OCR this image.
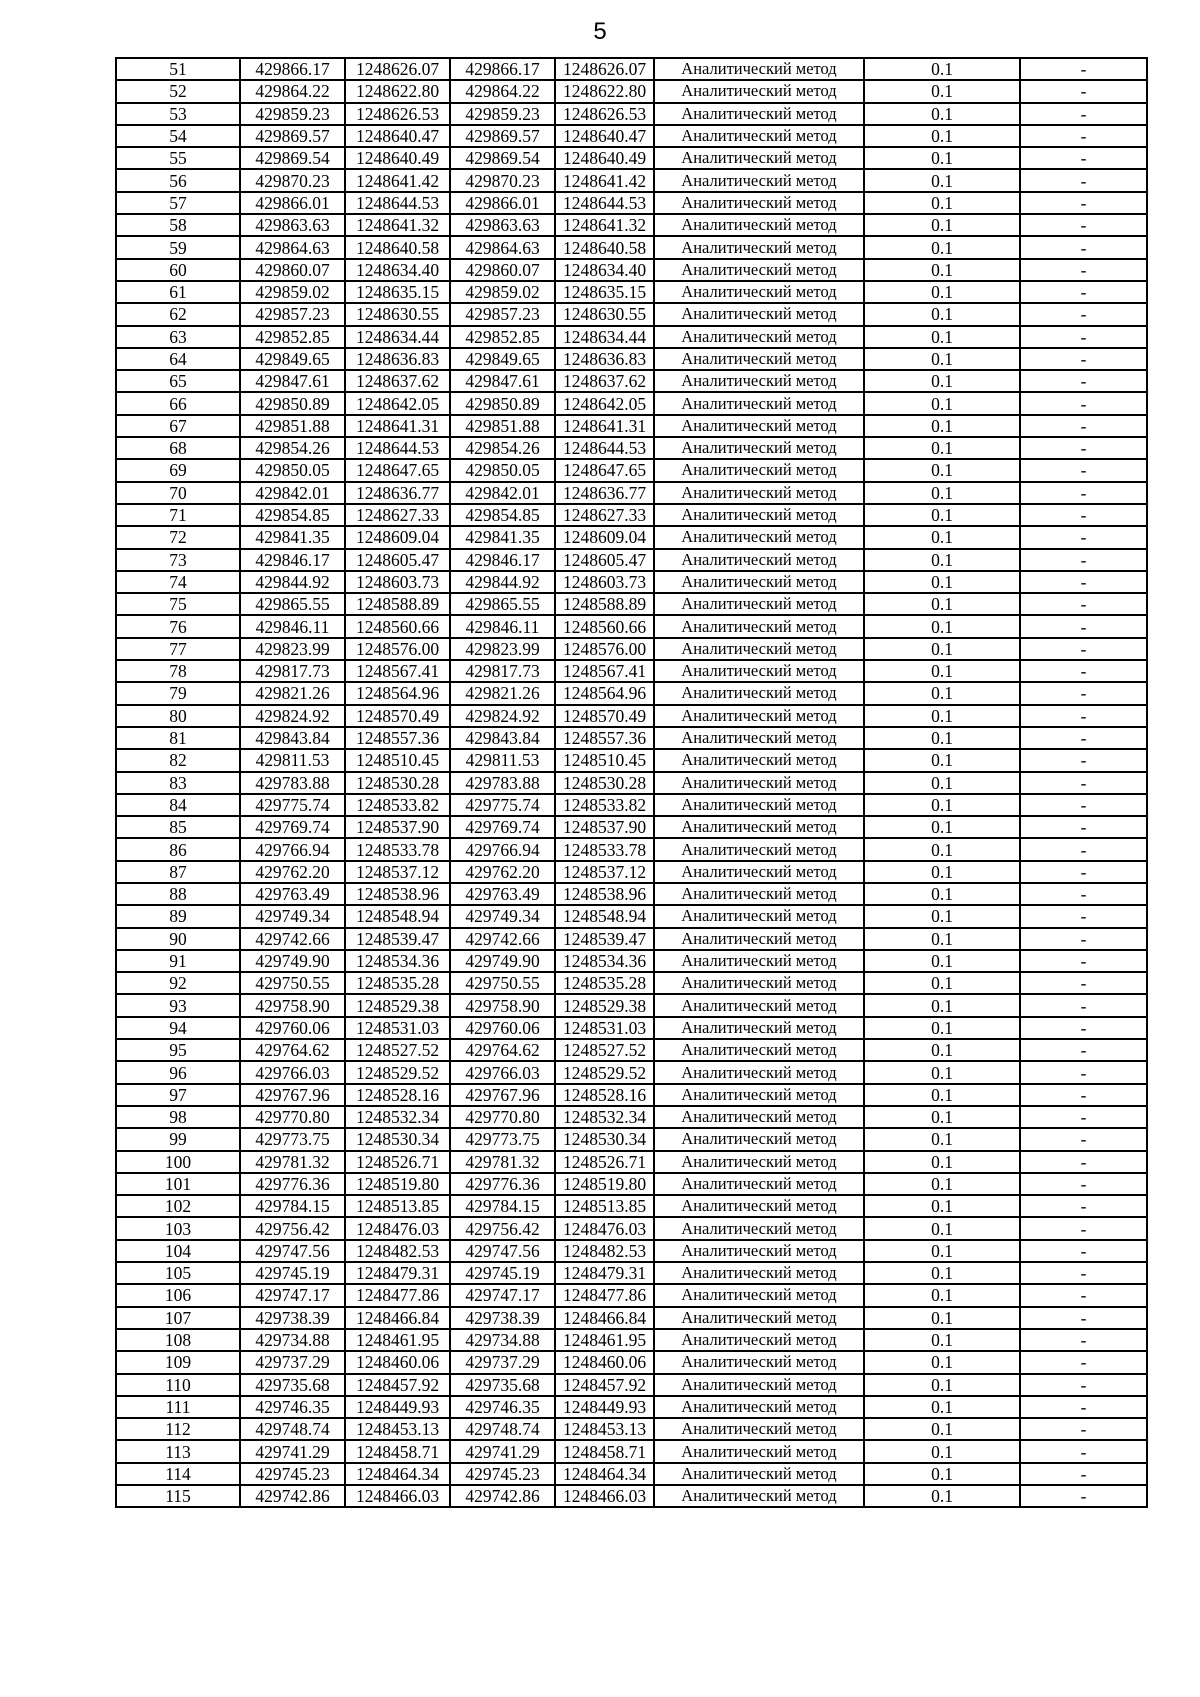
5
51	429866.17	1248626.07	429866.17	1248626.07	Аналитический метод	0.1	-
52	429864.22	1248622.80	429864.22	1248622.80	Аналитический метод	0.1	-
53	429859.23	1248626.53	429859.23	1248626.53	Аналитический метод	0.1	-
54	429869.57	1248640.47	429869.57	1248640.47	Аналитический метод	0.1	-
55	429869.54	1248640.49	429869.54	1248640.49	Аналитический метод	0.1	-
56	429870.23	1248641.42	429870.23	1248641.42	Аналитический метод	0.1	-
57	429866.01	1248644.53	429866.01	1248644.53	Аналитический метод	0.1	-
58	429863.63	1248641.32	429863.63	1248641.32	Аналитический метод	0.1	-
59	429864.63	1248640.58	429864.63	1248640.58	Аналитический метод	0.1	-
60	429860.07	1248634.40	429860.07	1248634.40	Аналитический метод	0.1	-
61	429859.02	1248635.15	429859.02	1248635.15	Аналитический метод	0.1	-
62	429857.23	1248630.55	429857.23	1248630.55	Аналитический метод	0.1	-
63	429852.85	1248634.44	429852.85	1248634.44	Аналитический метод	0.1	-
64	429849.65	1248636.83	429849.65	1248636.83	Аналитический метод	0.1	-
65	429847.61	1248637.62	429847.61	1248637.62	Аналитический метод	0.1	-
66	429850.89	1248642.05	429850.89	1248642.05	Аналитический метод	0.1	-
67	429851.88	1248641.31	429851.88	1248641.31	Аналитический метод	0.1	-
68	429854.26	1248644.53	429854.26	1248644.53	Аналитический метод	0.1	-
69	429850.05	1248647.65	429850.05	1248647.65	Аналитический метод	0.1	-
70	429842.01	1248636.77	429842.01	1248636.77	Аналитический метод	0.1	-
71	429854.85	1248627.33	429854.85	1248627.33	Аналитический метод	0.1	-
72	429841.35	1248609.04	429841.35	1248609.04	Аналитический метод	0.1	-
73	429846.17	1248605.47	429846.17	1248605.47	Аналитический метод	0.1	-
74	429844.92	1248603.73	429844.92	1248603.73	Аналитический метод	0.1	-
75	429865.55	1248588.89	429865.55	1248588.89	Аналитический метод	0.1	-
76	429846.11	1248560.66	429846.11	1248560.66	Аналитический метод	0.1	-
77	429823.99	1248576.00	429823.99	1248576.00	Аналитический метод	0.1	-
78	429817.73	1248567.41	429817.73	1248567.41	Аналитический метод	0.1	-
79	429821.26	1248564.96	429821.26	1248564.96	Аналитический метод	0.1	-
80	429824.92	1248570.49	429824.92	1248570.49	Аналитический метод	0.1	-
81	429843.84	1248557.36	429843.84	1248557.36	Аналитический метод	0.1	-
82	429811.53	1248510.45	429811.53	1248510.45	Аналитический метод	0.1	-
83	429783.88	1248530.28	429783.88	1248530.28	Аналитический метод	0.1	-
84	429775.74	1248533.82	429775.74	1248533.82	Аналитический метод	0.1	-
85	429769.74	1248537.90	429769.74	1248537.90	Аналитический метод	0.1	-
86	429766.94	1248533.78	429766.94	1248533.78	Аналитический метод	0.1	-
87	429762.20	1248537.12	429762.20	1248537.12	Аналитический метод	0.1	-
88	429763.49	1248538.96	429763.49	1248538.96	Аналитический метод	0.1	-
89	429749.34	1248548.94	429749.34	1248548.94	Аналитический метод	0.1	-
90	429742.66	1248539.47	429742.66	1248539.47	Аналитический метод	0.1	-
91	429749.90	1248534.36	429749.90	1248534.36	Аналитический метод	0.1	-
92	429750.55	1248535.28	429750.55	1248535.28	Аналитический метод	0.1	-
93	429758.90	1248529.38	429758.90	1248529.38	Аналитический метод	0.1	-
94	429760.06	1248531.03	429760.06	1248531.03	Аналитический метод	0.1	-
95	429764.62	1248527.52	429764.62	1248527.52	Аналитический метод	0.1	-
96	429766.03	1248529.52	429766.03	1248529.52	Аналитический метод	0.1	-
97	429767.96	1248528.16	429767.96	1248528.16	Аналитический метод	0.1	-
98	429770.80	1248532.34	429770.80	1248532.34	Аналитический метод	0.1	-
99	429773.75	1248530.34	429773.75	1248530.34	Аналитический метод	0.1	-
100	429781.32	1248526.71	429781.32	1248526.71	Аналитический метод	0.1	-
101	429776.36	1248519.80	429776.36	1248519.80	Аналитический метод	0.1	-
102	429784.15	1248513.85	429784.15	1248513.85	Аналитический метод	0.1	-
103	429756.42	1248476.03	429756.42	1248476.03	Аналитический метод	0.1	-
104	429747.56	1248482.53	429747.56	1248482.53	Аналитический метод	0.1	-
105	429745.19	1248479.31	429745.19	1248479.31	Аналитический метод	0.1	-
106	429747.17	1248477.86	429747.17	1248477.86	Аналитический метод	0.1	-
107	429738.39	1248466.84	429738.39	1248466.84	Аналитический метод	0.1	-
108	429734.88	1248461.95	429734.88	1248461.95	Аналитический метод	0.1	-
109	429737.29	1248460.06	429737.29	1248460.06	Аналитический метод	0.1	-
110	429735.68	1248457.92	429735.68	1248457.92	Аналитический метод	0.1	-
111	429746.35	1248449.93	429746.35	1248449.93	Аналитический метод	0.1	-
112	429748.74	1248453.13	429748.74	1248453.13	Аналитический метод	0.1	-
113	429741.29	1248458.71	429741.29	1248458.71	Аналитический метод	0.1	-
114	429745.23	1248464.34	429745.23	1248464.34	Аналитический метод	0.1	-
115	429742.86	1248466.03	429742.86	1248466.03	Аналитический метод	0.1	-
